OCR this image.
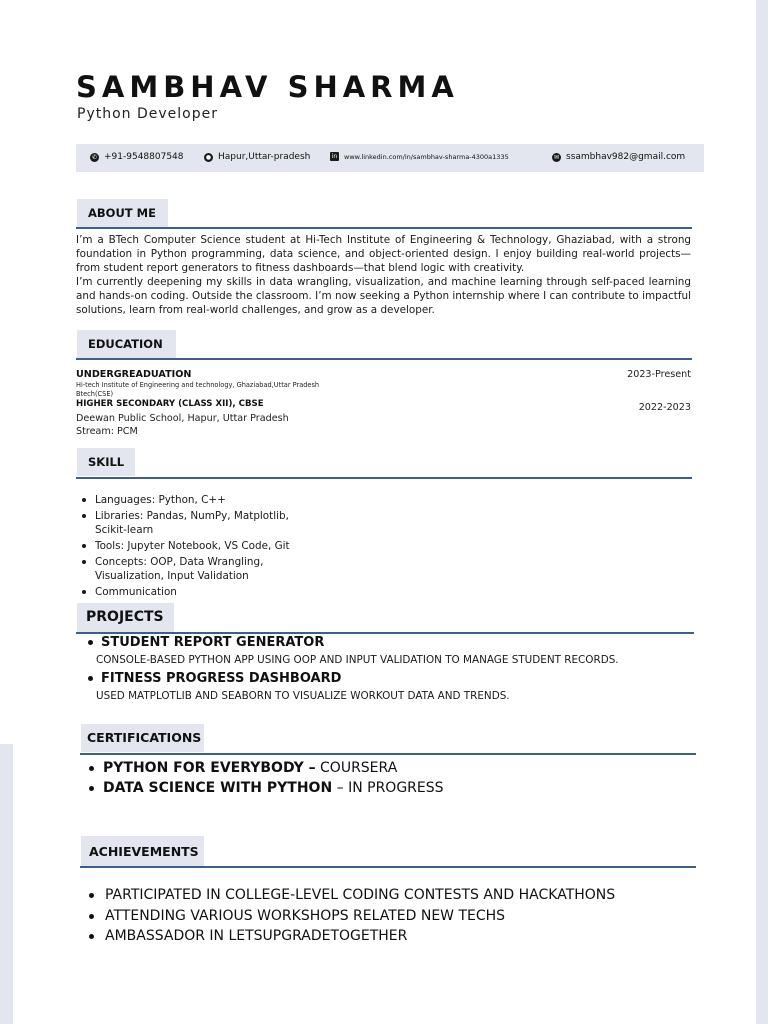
SAMBHAV SHARMA
Python Developer
✆ +91-9548807548	● Hapur,Uttar-pradesh	in www.linkedin.com/in/sambhav-sharma-4300a1335	✉ ssambhav982@gmail.com
ABOUT ME
I’m a BTech Computer Science student at Hi-Tech Institute of Engineering & Technology, Ghaziabad, with a strong foundation in Python programming, data science, and object-oriented design. I enjoy building real-world projects—from student report generators to fitness dashboards—that blend logic with creativity.
I’m currently deepening my skills in data wrangling, visualization, and machine learning through self-paced learning and hands-on coding. Outside the classroom. I’m now seeking a Python internship where I can contribute to impactful solutions, learn from real-world challenges, and grow as a developer.
EDUCATION
UNDERGREADUATION
Hi-tech Institute of Engineering and technology, Ghaziabad,Uttar Pradesh
Btech(CSE)
2023-Present
HIGHER SECONDARY (CLASS XII), CBSE
Deewan Public School, Hapur, Uttar Pradesh
Stream: PCM
2022-2023
SKILL
Languages: Python, C++
Libraries: Pandas, NumPy, Matplotlib, Scikit-learn
Tools: Jupyter Notebook, VS Code, Git
Concepts: OOP, Data Wrangling, Visualization, Input Validation
Communication
PROJECTS
STUDENT REPORT GENERATOR
CONSOLE-BASED PYTHON APP USING OOP AND INPUT VALIDATION TO MANAGE STUDENT RECORDS.
FITNESS PROGRESS DASHBOARD
USED MATPLOTLIB AND SEABORN TO VISUALIZE WORKOUT DATA AND TRENDS.
CERTIFICATIONS
PYTHON FOR EVERYBODY – COURSERA
DATA SCIENCE WITH PYTHON – IN PROGRESS
ACHIEVEMENTS
PARTICIPATED IN COLLEGE-LEVEL CODING CONTESTS AND HACKATHONS
ATTENDING VARIOUS WORKSHOPS RELATED NEW TECHS
AMBASSADOR IN LETSUPGRADETOGETHER
